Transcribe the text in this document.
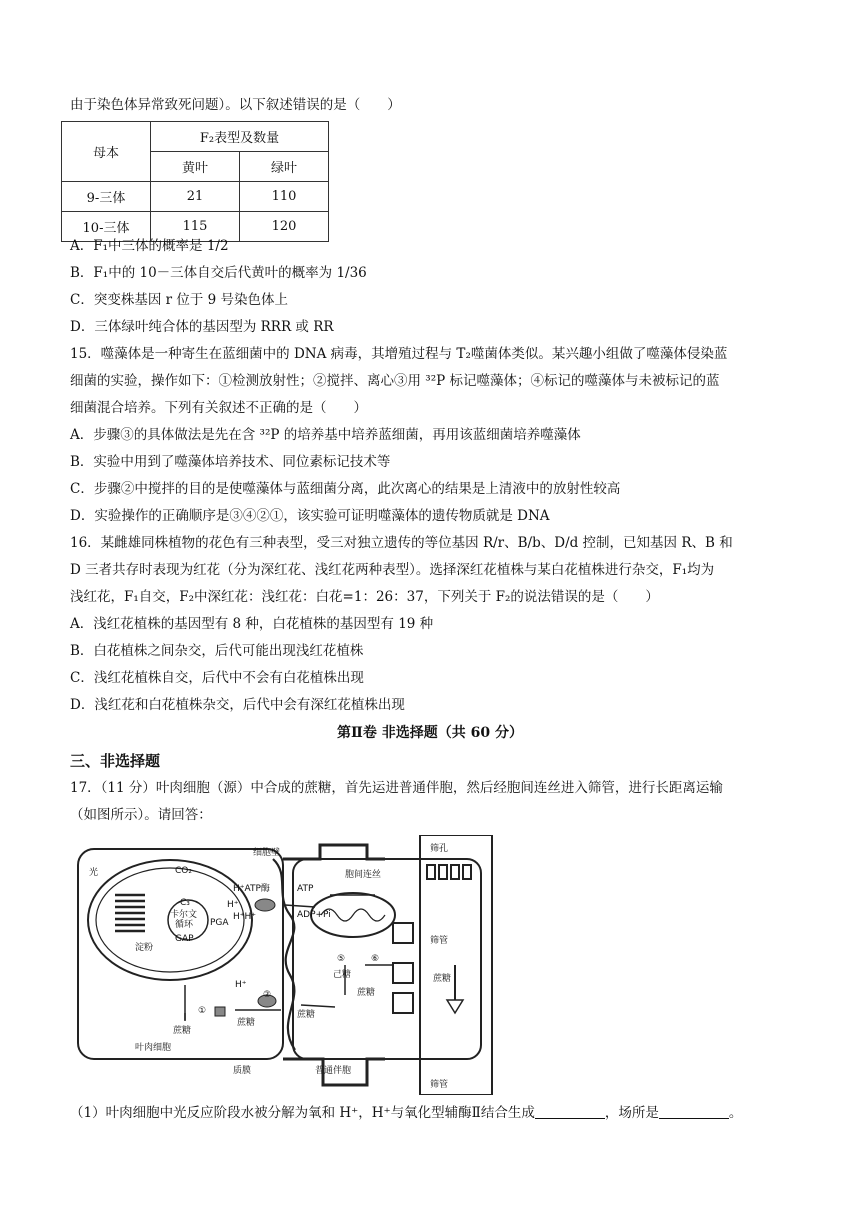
由于染色体异常致死问题）。以下叙述错误的是（　　）
母本	F₂表型及数量	
	黄叶	绿叶
9-三体	21	110
10-三体	115	120
A．F₁中三体的概率是 1/2
B．F₁中的 10－三体自交后代黄叶的概率为 1/36
C．突变株基因 r 位于 9 号染色体上
D．三体绿叶纯合体的基因型为 RRR 或 RR
15．噬藻体是一种寄生在蓝细菌中的 DNA 病毒，其增殖过程与 T₂噬菌体类似。某兴趣小组做了噬藻体侵染蓝
细菌的实验，操作如下：①检测放射性；②搅拌、离心③用 ³²P 标记噬藻体；④标记的噬藻体与未被标记的蓝
细菌混合培养。下列有关叙述不正确的是（　　）
A．步骤③的具体做法是先在含 ³²P 的培养基中培养蓝细菌，再用该蓝细菌培养噬藻体
B．实验中用到了噬藻体培养技术、同位素标记技术等
C．步骤②中搅拌的目的是使噬藻体与蓝细菌分离，此次离心的结果是上清液中的放射性较高
D．实验操作的正确顺序是③④②①，该实验可证明噬藻体的遗传物质就是 DNA
16．某雌雄同株植物的花色有三种表型，受三对独立遗传的等位基因 R/r、B/b、D/d 控制，已知基因 R、B 和
D 三者共存时表现为红花（分为深红花、浅红花两种表型）。选择深红花植株与某白花植株进行杂交，F₁均为
浅红花，F₁自交，F₂中深红花：浅红花：白花=1：26：37，下列关于 F₂的说法错误的是（　　）
A．浅红花植株的基因型有 8 种，白花植株的基因型有 19 种
B．白花植株之间杂交，后代可能出现浅红花植株
C．浅红花植株自交，后代中不会有白花植株出现
D．浅红花和白花植株杂交，后代中会有深红花植株出现
第Ⅱ卷 非选择题（共 60 分）
三、非选择题
17．（11 分）叶肉细胞（源）中合成的蔗糖，首先运进普通伴胞，然后经胞间连丝进入筛管，进行长距离运输
（如图所示）。请回答：
光	CO₂
C₃
卡尔文
循环 PGA
GAP
淀粉
细胞壁
H⁺ATP酶
H⁺
H⁺H⁺
ATP
ADP+Pi
胞间连丝
筛孔
筛管
蔗糖
筛管
①
②
⑤	⑥
蔗糖
蔗糖
蔗糖
蔗糖
己糖
H⁺
叶肉细胞
质膜	普通伴胞
（1）叶肉细胞中光反应阶段水被分解为氧和 H⁺，H⁺与氧化型辅酶Ⅱ结合生成	，场所是	。
